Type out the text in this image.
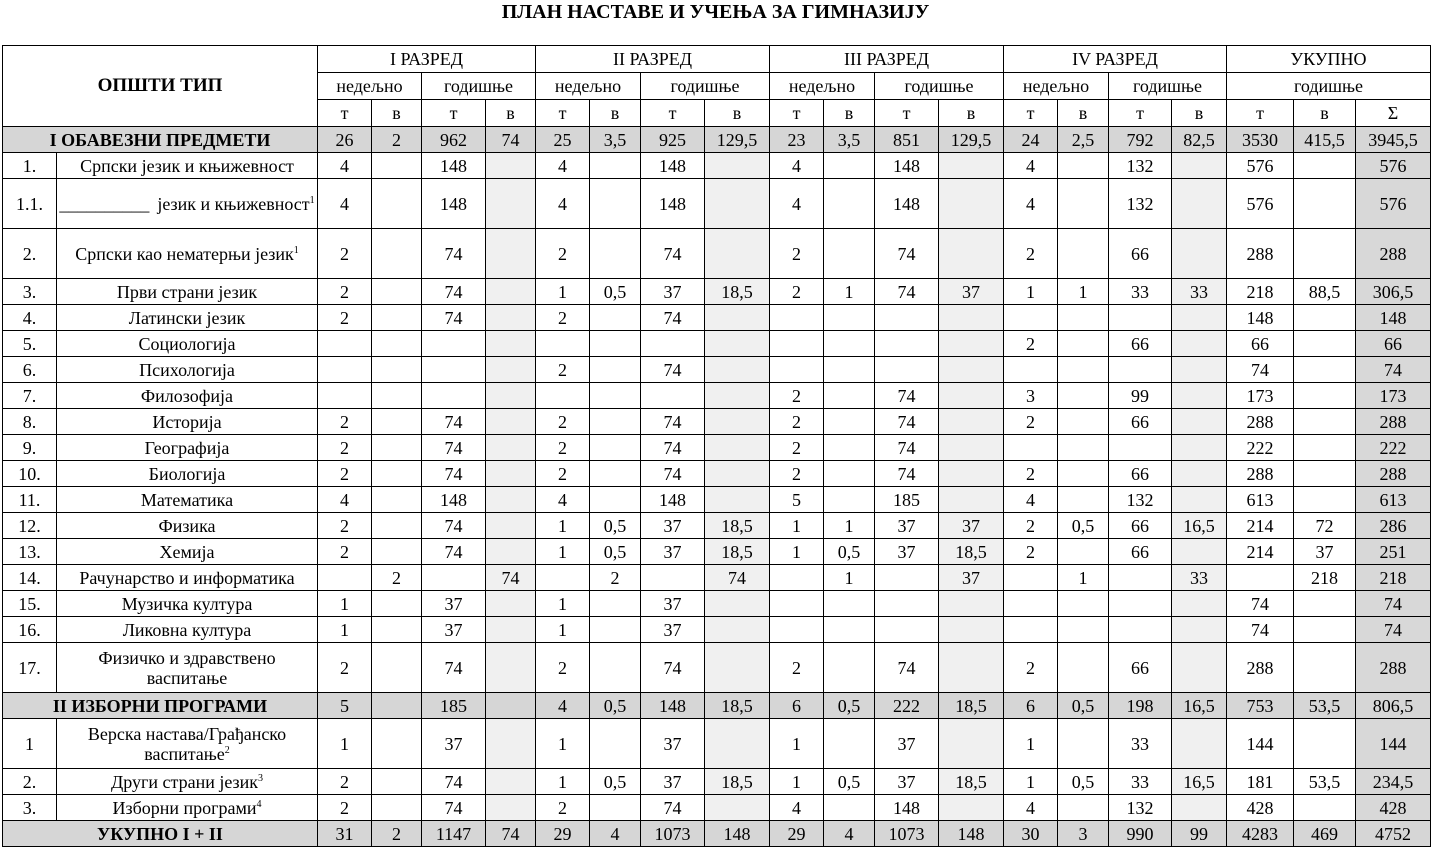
ПЛАН НАСТАВЕ И УЧЕЊА ЗА ГИМНАЗИЈУ
ОПШТИ ТИП		I РАЗРЕД				II РАЗРЕД				III РАЗРЕД				IV РАЗРЕД				УКУПНО		
		недељно		годишње		недељно		годишње		недељно		годишње		недељно		годишње		годишње		
		т	в	т	в	т	в	т	в	т	в	т	в	т	в	т	в	т	в	Σ
I ОБАВЕЗНИ ПРЕДМЕТИ		26	2	962	74	25	3,5	925	129,5	23	3,5	851	129,5	24	2,5	792	82,5	3530	415,5	3945,5
1.	Српски језик и књижевност	4		148		4		148		4		148		4		132		576		576
1.1.	__________ језик и књижевност$^1$	4		148		4		148		4		148		4		132		576		576
2.	Српски као нематерњи језик$^1$	2		74		2		74		2		74		2		66		288		288
3.	Први страни језик	2		74		1	0,5	37	18,5	2	1	74	37	1	1	33	33	218	88,5	306,5
4.	Латински језик	2		74		2		74										148		148
5.	Социологија													2		66		66		66
6.	Психологија					2		74										74		74
7.	Филозофија									2		74		3		99		173		173
8.	Историја	2		74		2		74		2		74		2		66		288		288
9.	Географија	2		74		2		74		2		74						222		222
10.	Биологија	2		74		2		74		2		74		2		66		288		288
11.	Математика	4		148		4		148		5		185		4		132		613		613
12.	Физика	2		74		1	0,5	37	18,5	1	1	37	37	2	0,5	66	16,5	214	72	286
13.	Хемија	2		74		1	0,5	37	18,5	1	0,5	37	18,5	2		66		214	37	251
14.	Рачунарство и информатика		2		74		2		74		1		37		1		33		218	218
15.	Музичка култура	1		37		1		37										74		74
16.	Ликовна култура	1		37		1		37										74		74
17.	Физичко и здравствено васпитање	2		74		2		74		2		74		2		66		288		288
II ИЗБОРНИ ПРОГРАМИ		5		185		4	0,5	148	18,5	6	0,5	222	18,5	6	0,5	198	16,5	753	53,5	806,5
1	Верска настава/Грађанско васпитање$^2$	1		37		1		37		1		37		1		33		144		144
2.	Други страни језик$^3$	2		74		1	0,5	37	18,5	1	0,5	37	18,5	1	0,5	33	16,5	181	53,5	234,5
3.	Изборни програми$^4$	2		74		2		74		4		148		4		132		428		428
УКУПНО I + II		31	2	1147	74	29	4	1073	148	29	4	1073	148	30	3	990	99	4283	469	4752
